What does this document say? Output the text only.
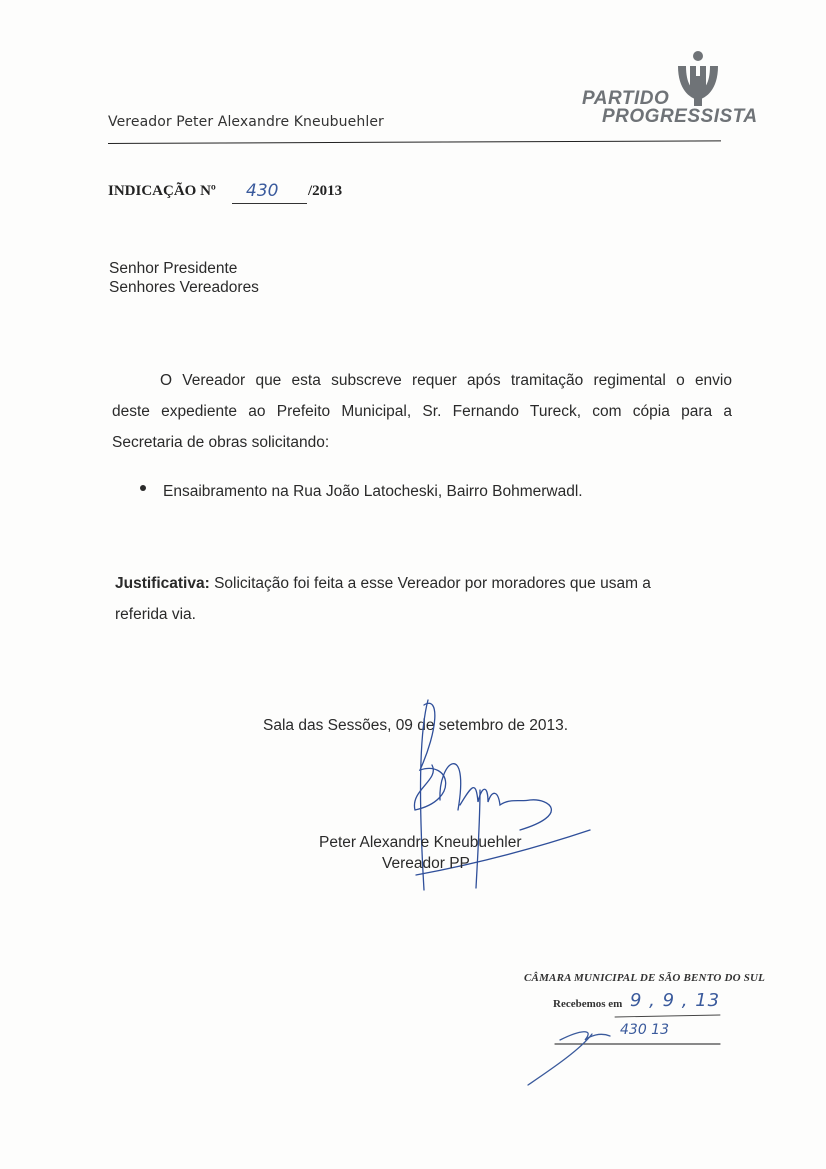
Vereador Peter Alexandre Kneubuehler
PARTIDO
PROGRESSISTA
INDICAÇÃO Nº 430 /2013
Senhor Presidente
Senhores Vereadores
O Vereador que esta subscreve requer após tramitação regimental o envio
deste expediente ao Prefeito Municipal, Sr. Fernando Tureck, com cópia para a
Secretaria de obras solicitando:
Ensaibramento na Rua João Latocheski, Bairro Bohmerwadl.
Justificativa: Solicitação foi feita a esse Vereador por moradores que usam a referida via.
Sala das Sessões, 09 de setembro de 2013.
Peter Alexandre Kneubuehler
Vereador PP
CÂMARA MUNICIPAL DE SÃO BENTO DO SUL
Recebemos em 9 , 9 , 13
430 13
